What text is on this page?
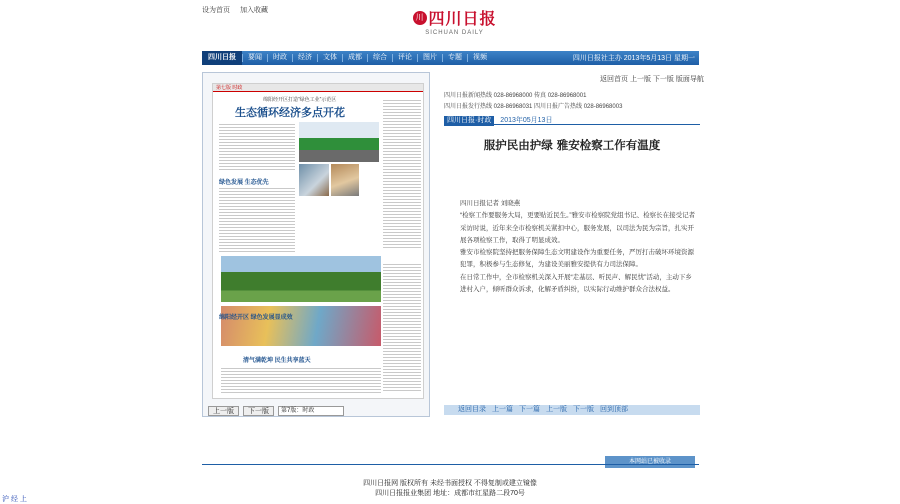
设为首页 加入收藏
川 四川日报
SICHUAN DAILY
四川日报	要闻	时政	经济	文体	成都	综合	评论	图片	专题	视频	四川日报社主办 2013年5月13日 星期一
第七版 时政
绵阳经开区打造“绿色工业”示范区
生态循环经济多点开花
绿色发展 生态优先
绵阳经开区 绿色发展显成效
清气满乾坤 民生共享蓝天
上一版	下一版	第7版：时政
返回首页 上一版 下一版 版面导航
四川日报新闻热线 028-86968000 传真 028-86968001
四川日报发行热线 028-86968031 四川日报广告热线 028-86968003
四川日报·时政 2013年05月13日
服护民由护绿 雅安检察工作有温度

四川日报记者 刘晓燕

“检察工作要服务大局，更要贴近民生。”雅安市检察院党组书记、检察长在接受记者采访时说，近年来全市检察机关紧扣中心，服务发展，以司法为民为宗旨，扎实开展各项检察工作，取得了明显成效。

雅安市检察院坚持把服务保障生态文明建设作为重要任务，严厉打击破坏环境资源犯罪，积极参与生态修复，为建设美丽雅安提供有力司法保障。

在日常工作中，全市检察机关深入开展“走基层、听民声、解民忧”活动，主动下乡进村入户，倾听群众诉求，化解矛盾纠纷，以实际行动维护群众合法权益。

返回目录 上一篇 下一篇 上一版 下一版 回到顶部
本网站已被收录
四川日报网 版权所有 未经书面授权 不得复制或建立镜像
四川日报报业集团 地址：成都市红星路二段70号
沪 经 上
